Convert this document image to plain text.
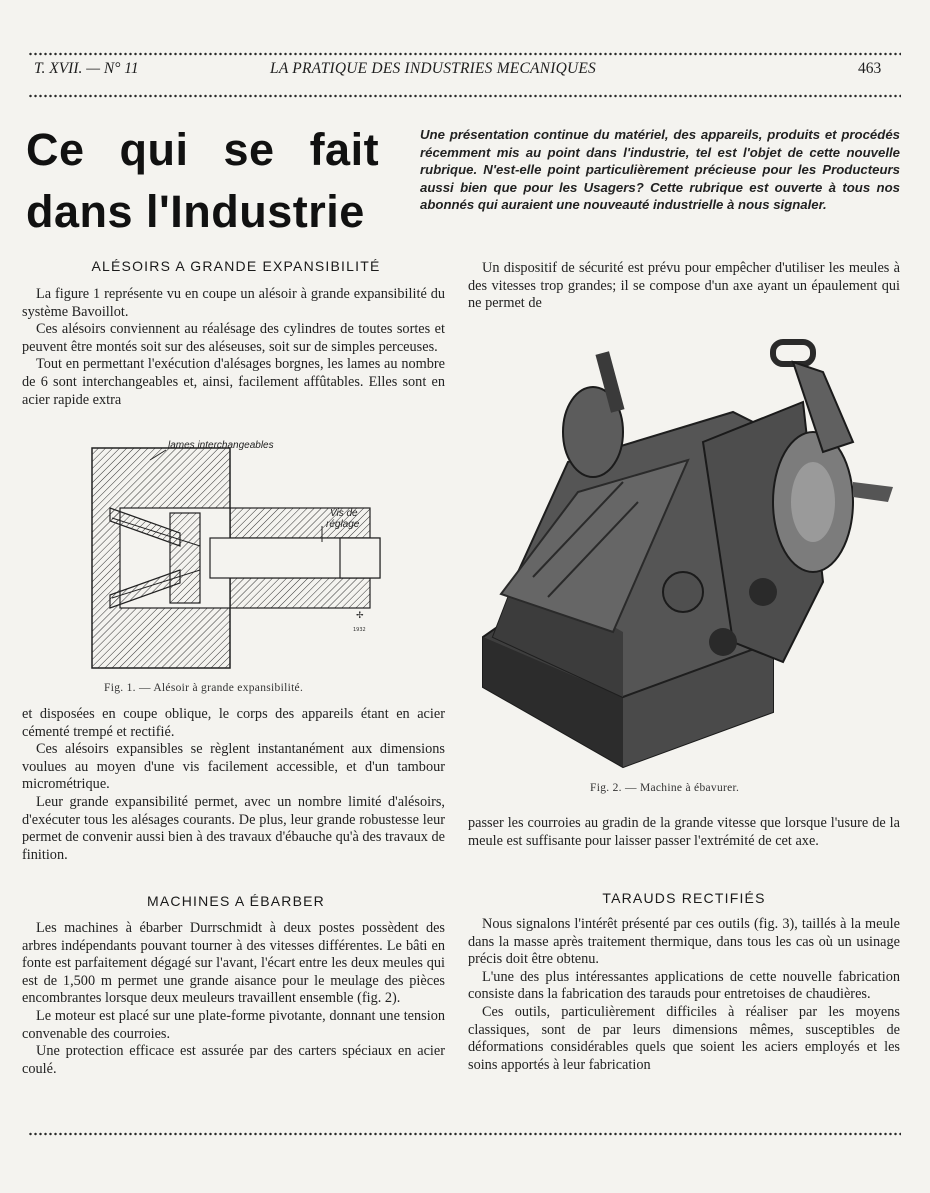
T. XVII. — N° 11	LA PRATIQUE DES INDUSTRIES MECANIQUES	463
Ce qui se fait
dans l'Industrie
Une présentation continue du matériel, des appareils, produits et procédés récemment mis au point dans l'industrie, tel est l'objet de cette nouvelle rubrique. N'est-elle point particulièrement précieuse pour les Producteurs aussi bien que pour les Usagers? Cette rubrique est ouverte à tous nos abonnés qui auraient une nouveauté industrielle à nous signaler.
ALÉSOIRS A GRANDE EXPANSIBILITÉ

La figure 1 représente vu en coupe un alésoir à grande expansibilité du système Bavoillot.

Ces alésoirs conviennent au réalésage des cylindres de toutes sortes et peuvent être montés soit sur des aléseuses, soit sur de simples perceuses.

Tout en permettant l'exécution d'alésages borgnes, les lames au nombre de 6 sont interchangeables et, ainsi, facilement affûtables. Elles sont en acier rapide extra

Vis de
réglage
lames interchangeables
✢
1932
Fig. 1. — Alésoir à grande expansibilité.

et disposées en coupe oblique, le corps des appareils étant en acier cémenté trempé et rectifié.

Ces alésoirs expansibles se règlent instantanément aux dimensions voulues au moyen d'une vis facilement accessible, et d'un tambour micrométrique.

Leur grande expansibilité permet, avec un nombre limité d'alésoirs, d'exécuter tous les alésages courants. De plus, leur grande robustesse leur permet de convenir aussi bien à des travaux d'ébauche qu'à des travaux de finition.

MACHINES A ÉBARBER

Les machines à ébarber Durrschmidt à deux postes possèdent des arbres indépendants pouvant tourner à des vitesses différentes. Le bâti en fonte est parfaitement dégagé sur l'avant, l'écart entre les deux meules qui est de 1,500 m permet une grande aisance pour le meulage des pièces encombrantes lorsque deux meuleurs travaillent ensemble (fig. 2).

Le moteur est placé sur une plate-forme pivotante, donnant une tension convenable des courroies.

Une protection efficace est assurée par des carters spéciaux en acier coulé.

Un dispositif de sécurité est prévu pour empêcher d'utiliser les meules à des vitesses trop grandes; il se compose d'un axe ayant un épaulement qui ne permet de

Fig. 2. — Machine à ébavurer.

passer les courroies au gradin de la grande vitesse que lorsque l'usure de la meule est suffisante pour laisser passer l'extrémité de cet axe.

TARAUDS RECTIFIÉS

Nous signalons l'intérêt présenté par ces outils (fig. 3), taillés à la meule dans la masse après traitement thermique, dans tous les cas où un usinage précis doit être obtenu.

L'une des plus intéressantes applications de cette nouvelle fabrication consiste dans la fabrication des tarauds pour entretoises de chaudières.

Ces outils, particulièrement difficiles à réaliser par les moyens classiques, sont de par leurs dimensions mêmes, susceptibles de déformations considérables quels que soient les aciers employés et les soins apportés à leur fabrication
